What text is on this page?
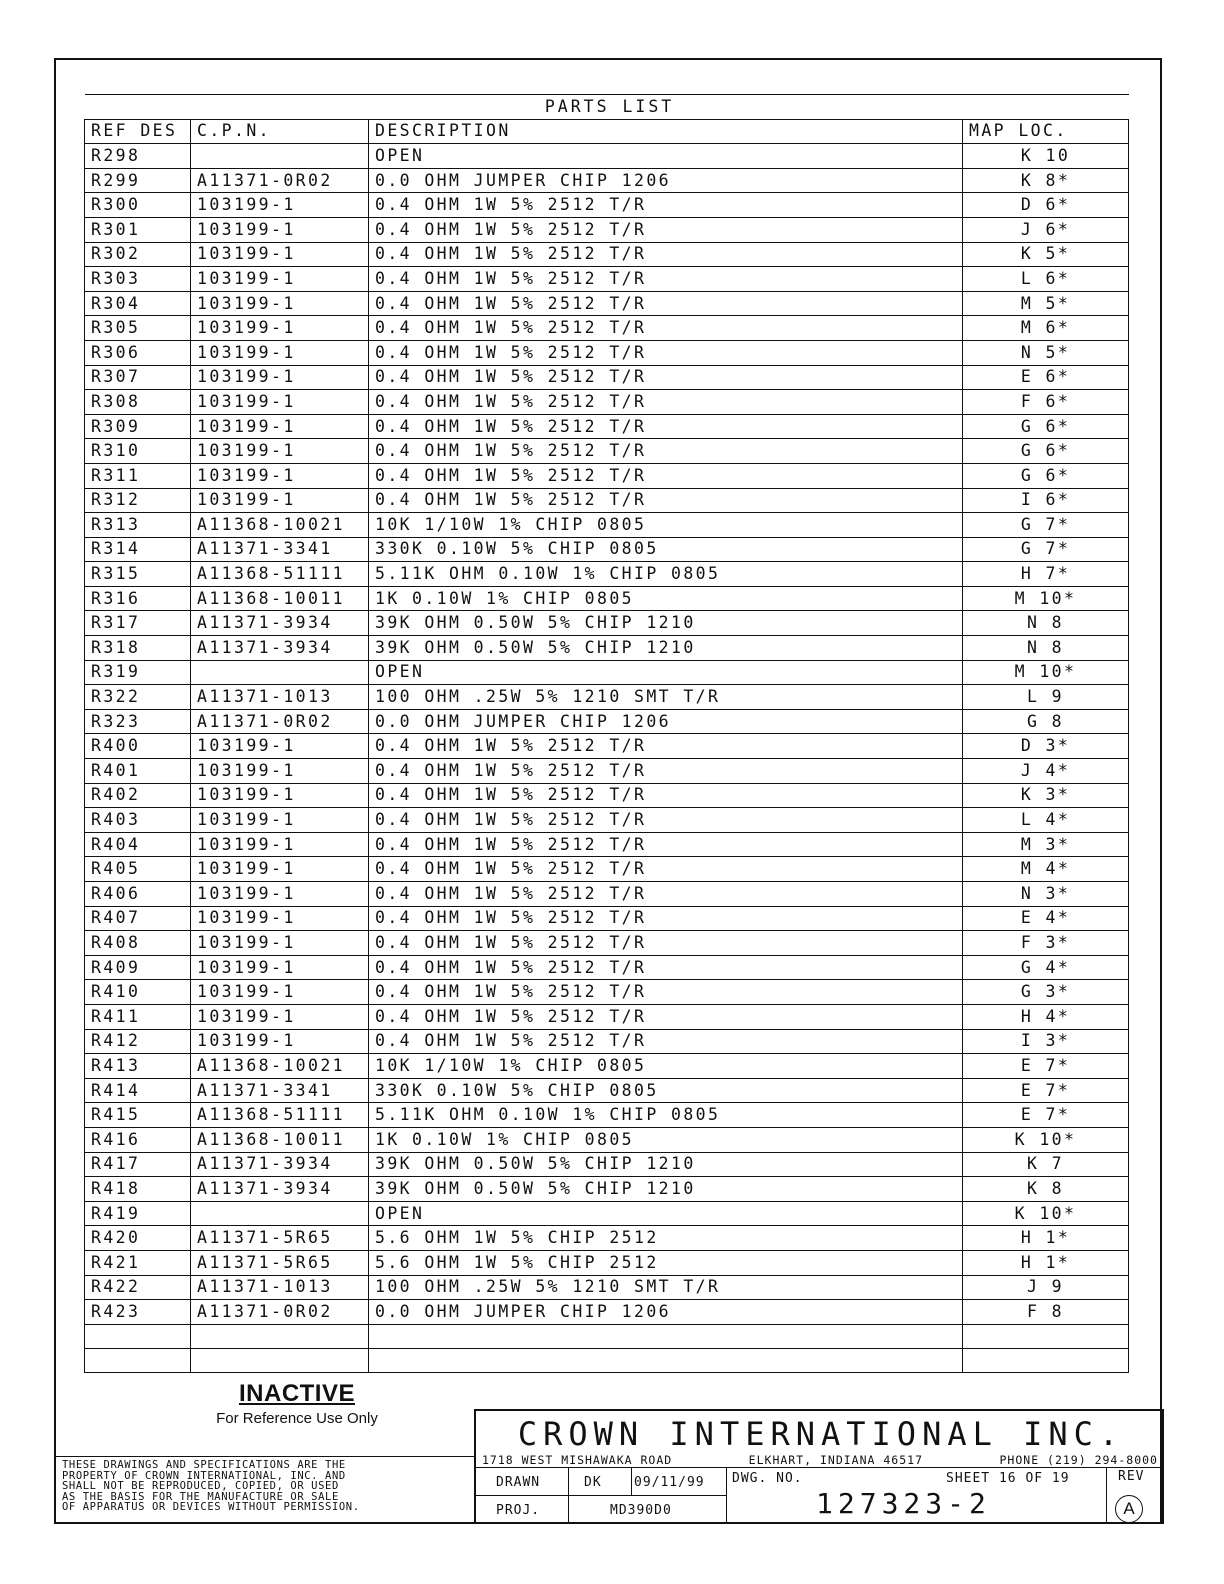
PARTS LIST			
REF DES	C.P.N.	DESCRIPTION	MAP LOC.
R298		OPEN	K 10
R299	A11371-0R02	0.0 OHM JUMPER CHIP 1206	K 8*
R300	103199-1	0.4 OHM 1W 5% 2512 T/R	D 6*
R301	103199-1	0.4 OHM 1W 5% 2512 T/R	J 6*
R302	103199-1	0.4 OHM 1W 5% 2512 T/R	K 5*
R303	103199-1	0.4 OHM 1W 5% 2512 T/R	L 6*
R304	103199-1	0.4 OHM 1W 5% 2512 T/R	M 5*
R305	103199-1	0.4 OHM 1W 5% 2512 T/R	M 6*
R306	103199-1	0.4 OHM 1W 5% 2512 T/R	N 5*
R307	103199-1	0.4 OHM 1W 5% 2512 T/R	E 6*
R308	103199-1	0.4 OHM 1W 5% 2512 T/R	F 6*
R309	103199-1	0.4 OHM 1W 5% 2512 T/R	G 6*
R310	103199-1	0.4 OHM 1W 5% 2512 T/R	G 6*
R311	103199-1	0.4 OHM 1W 5% 2512 T/R	G 6*
R312	103199-1	0.4 OHM 1W 5% 2512 T/R	I 6*
R313	A11368-10021	10K 1/10W 1% CHIP 0805	G 7*
R314	A11371-3341	330K 0.10W 5% CHIP 0805	G 7*
R315	A11368-51111	5.11K OHM 0.10W 1% CHIP 0805	H 7*
R316	A11368-10011	1K 0.10W 1% CHIP 0805	M 10*
R317	A11371-3934	39K OHM 0.50W 5% CHIP 1210	N 8
R318	A11371-3934	39K OHM 0.50W 5% CHIP 1210	N 8
R319		OPEN	M 10*
R322	A11371-1013	100 OHM .25W 5% 1210 SMT T/R	L 9
R323	A11371-0R02	0.0 OHM JUMPER CHIP 1206	G 8
R400	103199-1	0.4 OHM 1W 5% 2512 T/R	D 3*
R401	103199-1	0.4 OHM 1W 5% 2512 T/R	J 4*
R402	103199-1	0.4 OHM 1W 5% 2512 T/R	K 3*
R403	103199-1	0.4 OHM 1W 5% 2512 T/R	L 4*
R404	103199-1	0.4 OHM 1W 5% 2512 T/R	M 3*
R405	103199-1	0.4 OHM 1W 5% 2512 T/R	M 4*
R406	103199-1	0.4 OHM 1W 5% 2512 T/R	N 3*
R407	103199-1	0.4 OHM 1W 5% 2512 T/R	E 4*
R408	103199-1	0.4 OHM 1W 5% 2512 T/R	F 3*
R409	103199-1	0.4 OHM 1W 5% 2512 T/R	G 4*
R410	103199-1	0.4 OHM 1W 5% 2512 T/R	G 3*
R411	103199-1	0.4 OHM 1W 5% 2512 T/R	H 4*
R412	103199-1	0.4 OHM 1W 5% 2512 T/R	I 3*
R413	A11368-10021	10K 1/10W 1% CHIP 0805	E 7*
R414	A11371-3341	330K 0.10W 5% CHIP 0805	E 7*
R415	A11368-51111	5.11K OHM 0.10W 1% CHIP 0805	E 7*
R416	A11368-10011	1K 0.10W 1% CHIP 0805	K 10*
R417	A11371-3934	39K OHM 0.50W 5% CHIP 1210	K 7
R418	A11371-3934	39K OHM 0.50W 5% CHIP 1210	K 8
R419		OPEN	K 10*
R420	A11371-5R65	5.6 OHM 1W 5% CHIP 2512	H 1*
R421	A11371-5R65	5.6 OHM 1W 5% CHIP 2512	H 1*
R422	A11371-1013	100 OHM .25W 5% 1210 SMT T/R	J 9
R423	A11371-0R02	0.0 OHM JUMPER CHIP 1206	F 8

INACTIVE
For Reference Use Only
THESE DRAWINGS AND SPECIFICATIONS ARE THE
PROPERTY OF CROWN INTERNATIONAL, INC. AND
SHALL NOT BE REPRODUCED, COPIED, OR USED
AS THE BASIS FOR THE MANUFACTURE OR SALE
OF APPARATUS OR DEVICES WITHOUT PERMISSION.
CROWN INTERNATIONAL INC.
1718 WEST MISHAWAKA ROAD	ELKHART, INDIANA 46517	PHONE (219) 294-8000
DRAWN	DK 09/11/99 DWG. NO.	SHEET 16 OF 19	REV
PROJ.	MD390D0	127323-2	A
